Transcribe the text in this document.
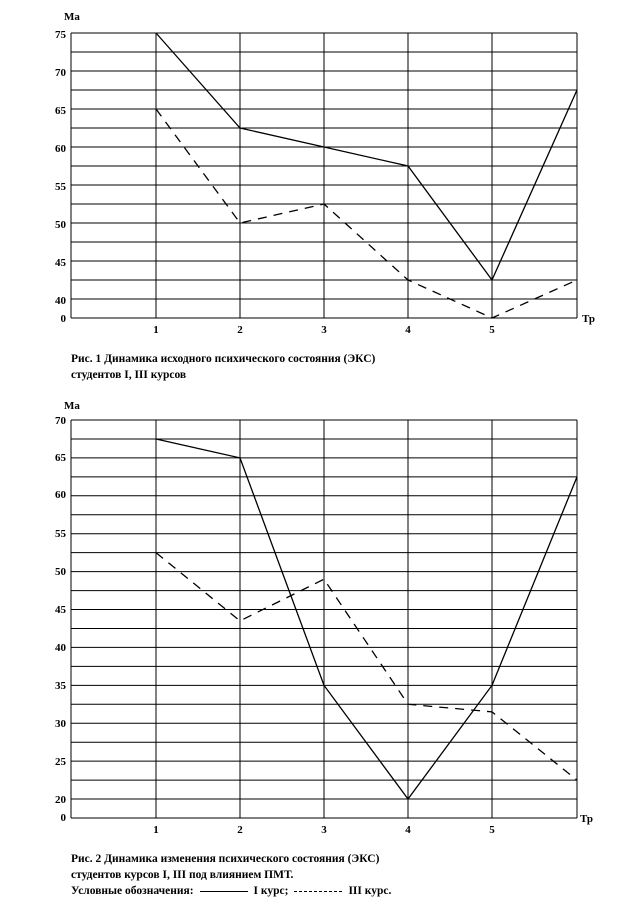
75
70
65
60
55
50
45
40
0
1	2	3	4	5
Ма
Тр
70
65
60
55
50
45
40
35
30
25
20
0
1	2	3	4	5
Ма
Тр
Рис. 1 Динамика исходного психического состояния (ЭКС)
студентов I, III курсов
Рис. 2 Динамика изменения психического состояния (ЭКС)
студентов курсов I, III под влиянием ПМТ.
Условные обозначения:	I курс;	III курс.
